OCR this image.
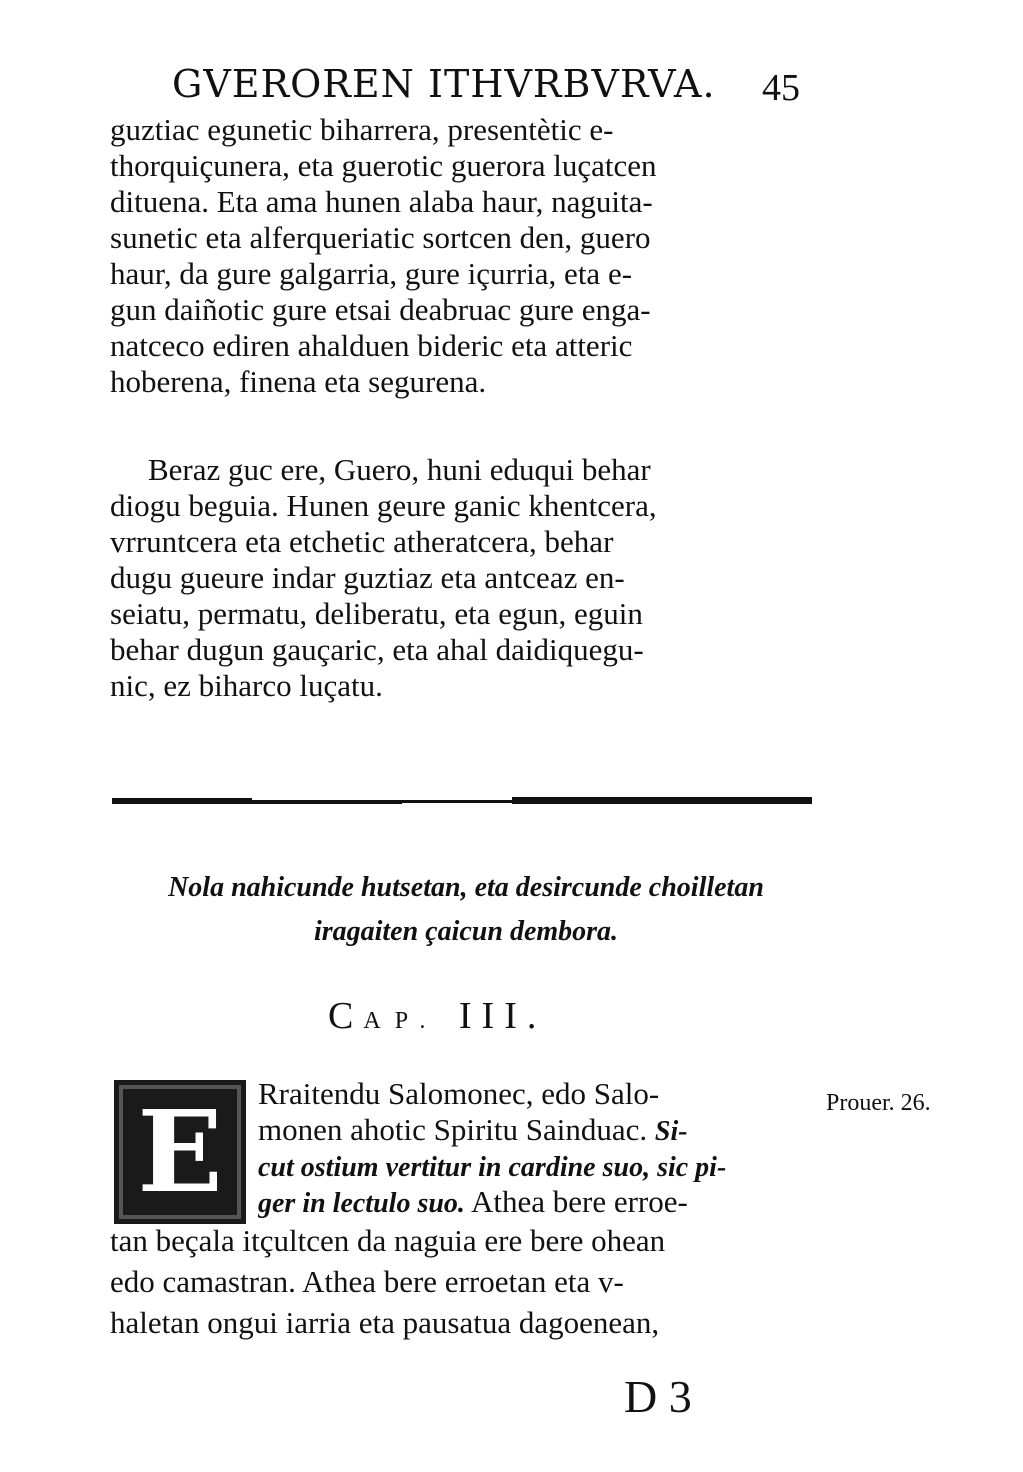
GVEROREN ITHVRBVRVA. 45
guztiac egunetic biharrera, presentètic e-
thorquiçunera, eta guerotic guerora luçatcen
dituena. Eta ama hunen alaba haur, naguita-
sunetic eta alferqueriatic sortcen den, guero
haur, da gure galgarria, gure içurria, eta e-
gun daiñotic gure etsai deabruac gure enga-
natceco ediren ahalduen bideric eta atteric
hoberena, finena eta segurena.
Beraz guc ere, Guero, huni eduqui behar
diogu beguia. Hunen geure ganic khentcera,
vrruntcera eta etchetic atheratcera, behar
dugu gueure indar guztiaz eta antceaz en-
seiatu, permatu, deliberatu, eta egun, eguin
behar dugun gauçaric, eta ahal daidiquegu-
nic, ez biharco luçatu.
Nola nahicunde hutsetan, eta desircunde choilletan
iragaiten çaicun dembora.
CAP. III.
E	Prouer. 26.
Rraitendu Salomonec, edo Salo-
monen ahotic Spiritu Sainduac. Si-
cut ostium vertitur in cardine suo, sic pi-
ger in lectulo suo. Athea bere erroe-
tan beçala itçultcen da naguia ere bere ohean
edo camastran. Athea bere erroetan eta v-
haletan ongui iarria eta pausatua dagoenean,
D 3
